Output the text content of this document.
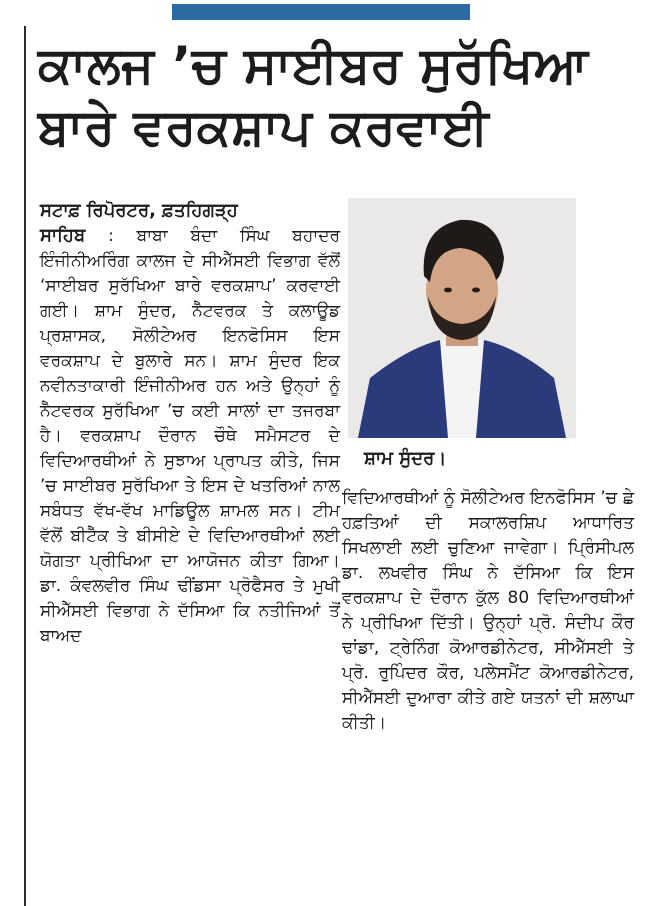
ਕਾਲਜ ’ਚ ਸਾਈਬਰ ਸੁਰੱਖਿਆ
ਬਾਰੇ ਵਰਕਸ਼ਾਪ ਕਰਵਾਈ
ਸਟਾਫ਼ ਰਿਪੋਰਟਰ, ਫ਼ਤਹਿਗੜ੍ਹ
ਸਾਹਿਬ : ਬਾਬਾ ਬੰਦਾ ਸਿੰਘ ਬਹਾਦਰ ਇੰਜੀਨੀਅਰਿੰਗ ਕਾਲਜ ਦੇ ਸੀਐੱਸਈ ਵਿਭਾਗ ਵੱਲੋਂ ‘ਸਾਈਬਰ ਸੁਰੱਖਿਆ ਬਾਰੇ ਵਰਕਸ਼ਾਪ’ ਕਰਵਾਈ ਗਈ। ਸ਼ਾਮ ਸੁੰਦਰ, ਨੈੱਟਵਰਕ ਤੇ ਕਲਾਊਡ ਪ੍ਰਸ਼ਾਸਕ, ਸੋਲੀਟੇਅਰ ਇਨਫੋਸਿਸ ਇਸ ਵਰਕਸ਼ਾਪ ਦੇ ਬੁਲਾਰੇ ਸਨ। ਸ਼ਾਮ ਸੁੰਦਰ ਇਕ ਨਵੀਨਤਾਕਾਰੀ ਇੰਜੀਨੀਅਰ ਹਨ ਅਤੇ ਉਨ੍ਹਾਂ ਨੂੰ ਨੈੱਟਵਰਕ ਸੁਰੱਖਿਆ ’ਚ ਕਈ ਸਾਲਾਂ ਦਾ ਤਜਰਬਾ ਹੈ। ਵਰਕਸ਼ਾਪ ਦੌਰਾਨ ਚੌਥੇ ਸਮੈਸਟਰ ਦੇ ਵਿਦਿਆਰਥੀਆਂ ਨੇ ਸੁਝਾਅ ਪ੍ਰਾਪਤ ਕੀਤੇ, ਜਿਸ ’ਚ ਸਾਈਬਰ ਸੁਰੱਖਿਆ ਤੇ ਇਸ ਦੇ ਖਤਰਿਆਂ ਨਾਲ ਸਬੰਧਤ ਵੱਖ-ਵੱਖ ਮਾਡਿਊਲ ਸ਼ਾਮਲ ਸਨ। ਟੀਮ ਵੱਲੋਂ ਬੀਟੈੱਕ ਤੇ ਬੀਸੀਏ ਦੇ ਵਿਦਿਆਰਥੀਆਂ ਲਈ ਯੋਗਤਾ ਪ੍ਰੀਖਿਆ ਦਾ ਆਯੋਜਨ ਕੀਤਾ ਗਿਆ। ਡਾ. ਕੰਵਲਵੀਰ ਸਿੰਘ ਢੀਂਡਸਾ ਪ੍ਰੋਫੈਸਰ ਤੇ ਮੁਖੀ ਸੀਐੱਸਈ ਵਿਭਾਗ ਨੇ ਦੱਸਿਆ ਕਿ ਨਤੀਜਿਆਂ ਤੋਂ ਬਾਅਦ
ਸ਼ਾਮ ਸੁੰਦਰ।
ਵਿਦਿਆਰਥੀਆਂ ਨੂੰ ਸੋਲੀਟੇਅਰ ਇਨਫੋਸਿਸ ’ਚ ਛੇ ਹਫ਼ਤਿਆਂ ਦੀ ਸਕਾਲਰਸ਼ਿਪ ਆਧਾਰਿਤ ਸਿਖਲਾਈ ਲਈ ਚੁਣਿਆ ਜਾਵੇਗਾ। ਪ੍ਰਿੰਸੀਪਲ ਡਾ. ਲਖਵੀਰ ਸਿੰਘ ਨੇ ਦੱਸਿਆ ਕਿ ਇਸ ਵਰਕਸ਼ਾਪ ਦੇ ਦੌਰਾਨ ਕੁੱਲ 80 ਵਿਦਿਆਰਥੀਆਂ ਨੇ ਪ੍ਰੀਖਿਆ ਦਿੱਤੀ। ਉਨ੍ਹਾਂ ਪ੍ਰੋ. ਸੰਦੀਪ ਕੌਰ ਢਾਂਡਾ, ਟ੍ਰੇਨਿੰਗ ਕੋਆਰਡੀਨੇਟਰ, ਸੀਐੱਸਈ ਤੇ ਪ੍ਰੋ. ਰੁਪਿੰਦਰ ਕੌਰ, ਪਲੇਸਮੈਂਟ ਕੋਆਰਡੀਨੇਟਰ, ਸੀਐੱਸਈ ਦੁਆਰਾ ਕੀਤੇ ਗਏ ਯਤਨਾਂ ਦੀ ਸ਼ਲਾਘਾ ਕੀਤੀ।
